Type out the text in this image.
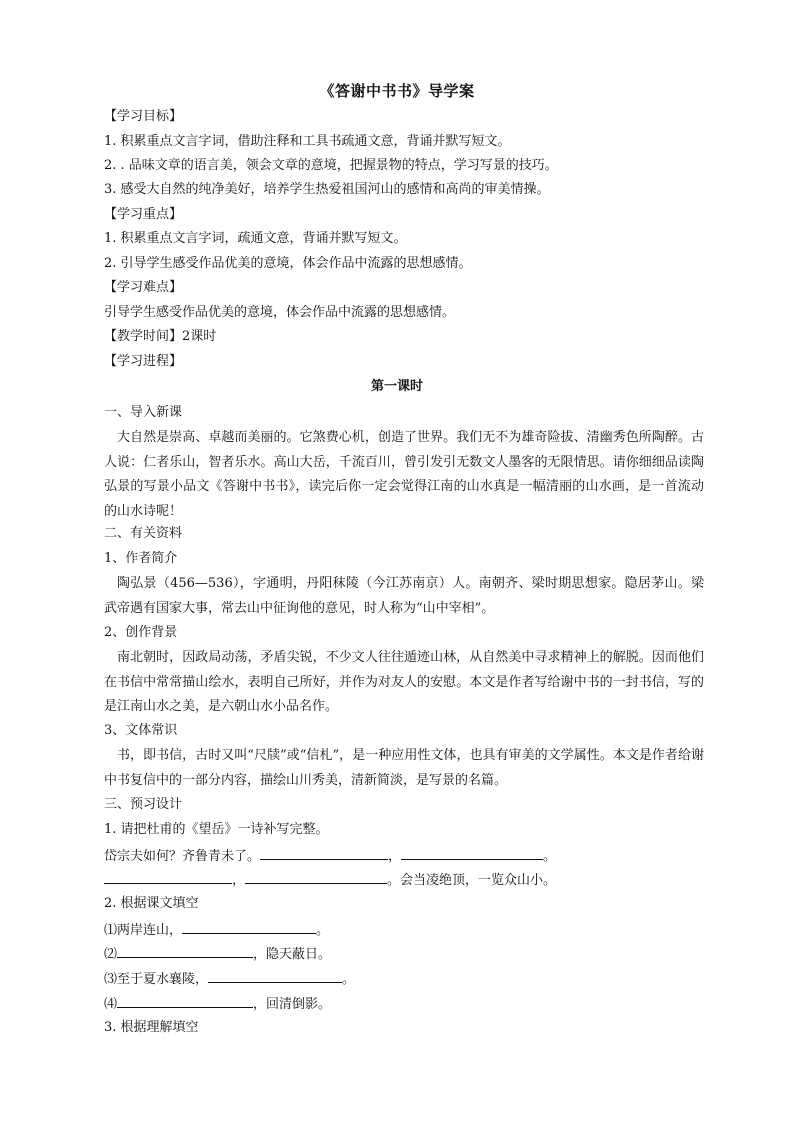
《答谢中书书》导学案
【学习目标】
1. 积累重点文言字词，借助注释和工具书疏通文意，背诵并默写短文。
2. . 品味文章的语言美，领会文章的意境，把握景物的特点，学习写景的技巧。
3. 感受大自然的纯净美好，培养学生热爱祖国河山的感情和高尚的审美情操。
【学习重点】
1. 积累重点文言字词，疏通文意，背诵并默写短文。
2. 引导学生感受作品优美的意境，体会作品中流露的思想感情。
【学习难点】
引导学生感受作品优美的意境，体会作品中流露的思想感情。
【教学时间】2课时
【学习进程】
第一课时
一、导入新课
大自然是崇高、卓越而美丽的。它煞费心机，创造了世界。我们无不为雄奇险拔、清幽秀色所陶醉。古人说：仁者乐山，智者乐水。高山大岳，千流百川，曾引发引无数文人墨客的无限情思。请你细细品读陶弘景的写景小品文《答谢中书书》，读完后你一定会觉得江南的山水真是一幅清丽的山水画，是一首流动的山水诗呢！
二、有关资料
1、作者简介
陶弘景（456—536），字通明，丹阳秣陵（今江苏南京）人。南朝齐、梁时期思想家。隐居茅山。梁武帝遇有国家大事，常去山中征询他的意见，时人称为“山中宰相”。
2、创作背景
南北朝时，因政局动荡，矛盾尖锐，不少文人往往遁迹山林，从自然美中寻求精神上的解脱。因而他们在书信中常常描山绘水，表明自己所好，并作为对友人的安慰。本文是作者写给谢中书的一封书信，写的是江南山水之美，是六朝山水小品名作。
3、文体常识
书，即书信，古时又叫“尺牍”或“信札”，是一种应用性文体，也具有审美的文学属性。本文是作者给谢中书复信中的一部分内容，描绘山川秀美，清新简淡，是写景的名篇。
三、预习设计
1. 请把杜甫的《望岳》一诗补写完整。
岱宗夫如何？齐鲁青未了。	，	。
，	。会当凌绝顶，一览众山小。
2. 根据课文填空
⑴两岸连山，	。
⑵	，隐天蔽日。
⑶至于夏水襄陵，	。
⑷	，回清倒影。
3. 根据理解填空
